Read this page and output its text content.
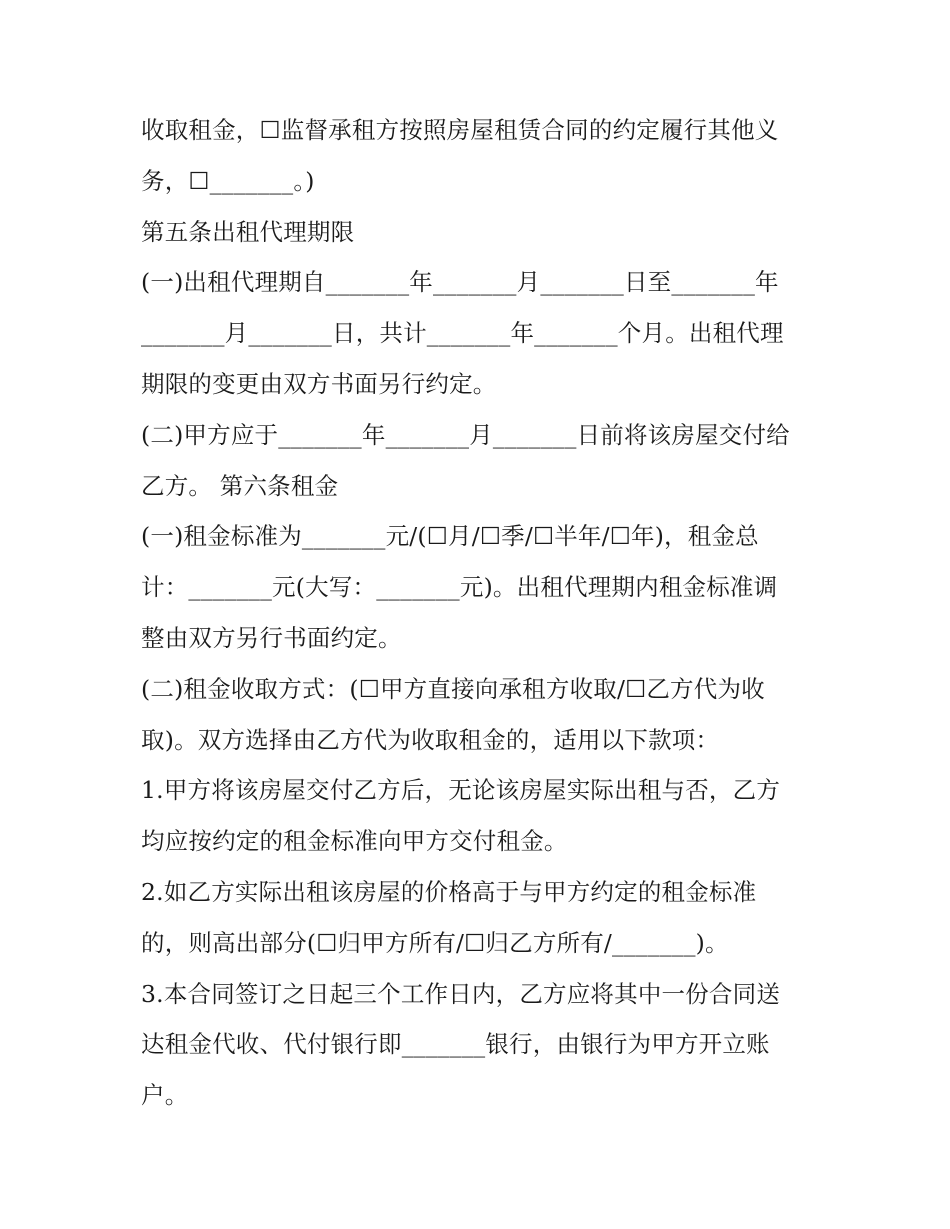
收取租金，☐监督承租方按照房屋租赁合同的约定履行其他义
务，☐_______。)
第五条出租代理期限
(一)出租代理期自_______年_______月_______日至_______年
_______月_______日，共计_______年_______个月。出租代理
期限的变更由双方书面另行约定。
(二)甲方应于_______年_______月_______日前将该房屋交付给
乙方。 第六条租金
(一)租金标准为_______元/(☐月/☐季/☐半年/☐年)，租金总
计：_______元(大写：_______元)。出租代理期内租金标准调
整由双方另行书面约定。
(二)租金收取方式：(☐甲方直接向承租方收取/☐乙方代为收
取)。双方选择由乙方代为收取租金的，适用以下款项：
1.甲方将该房屋交付乙方后，无论该房屋实际出租与否，乙方
均应按约定的租金标准向甲方交付租金。
2.如乙方实际出租该房屋的价格高于与甲方约定的租金标准
的，则高出部分(☐归甲方所有/☐归乙方所有/_______)。
3.本合同签订之日起三个工作日内，乙方应将其中一份合同送
达租金代收、代付银行即_______银行，由银行为甲方开立账
户。
